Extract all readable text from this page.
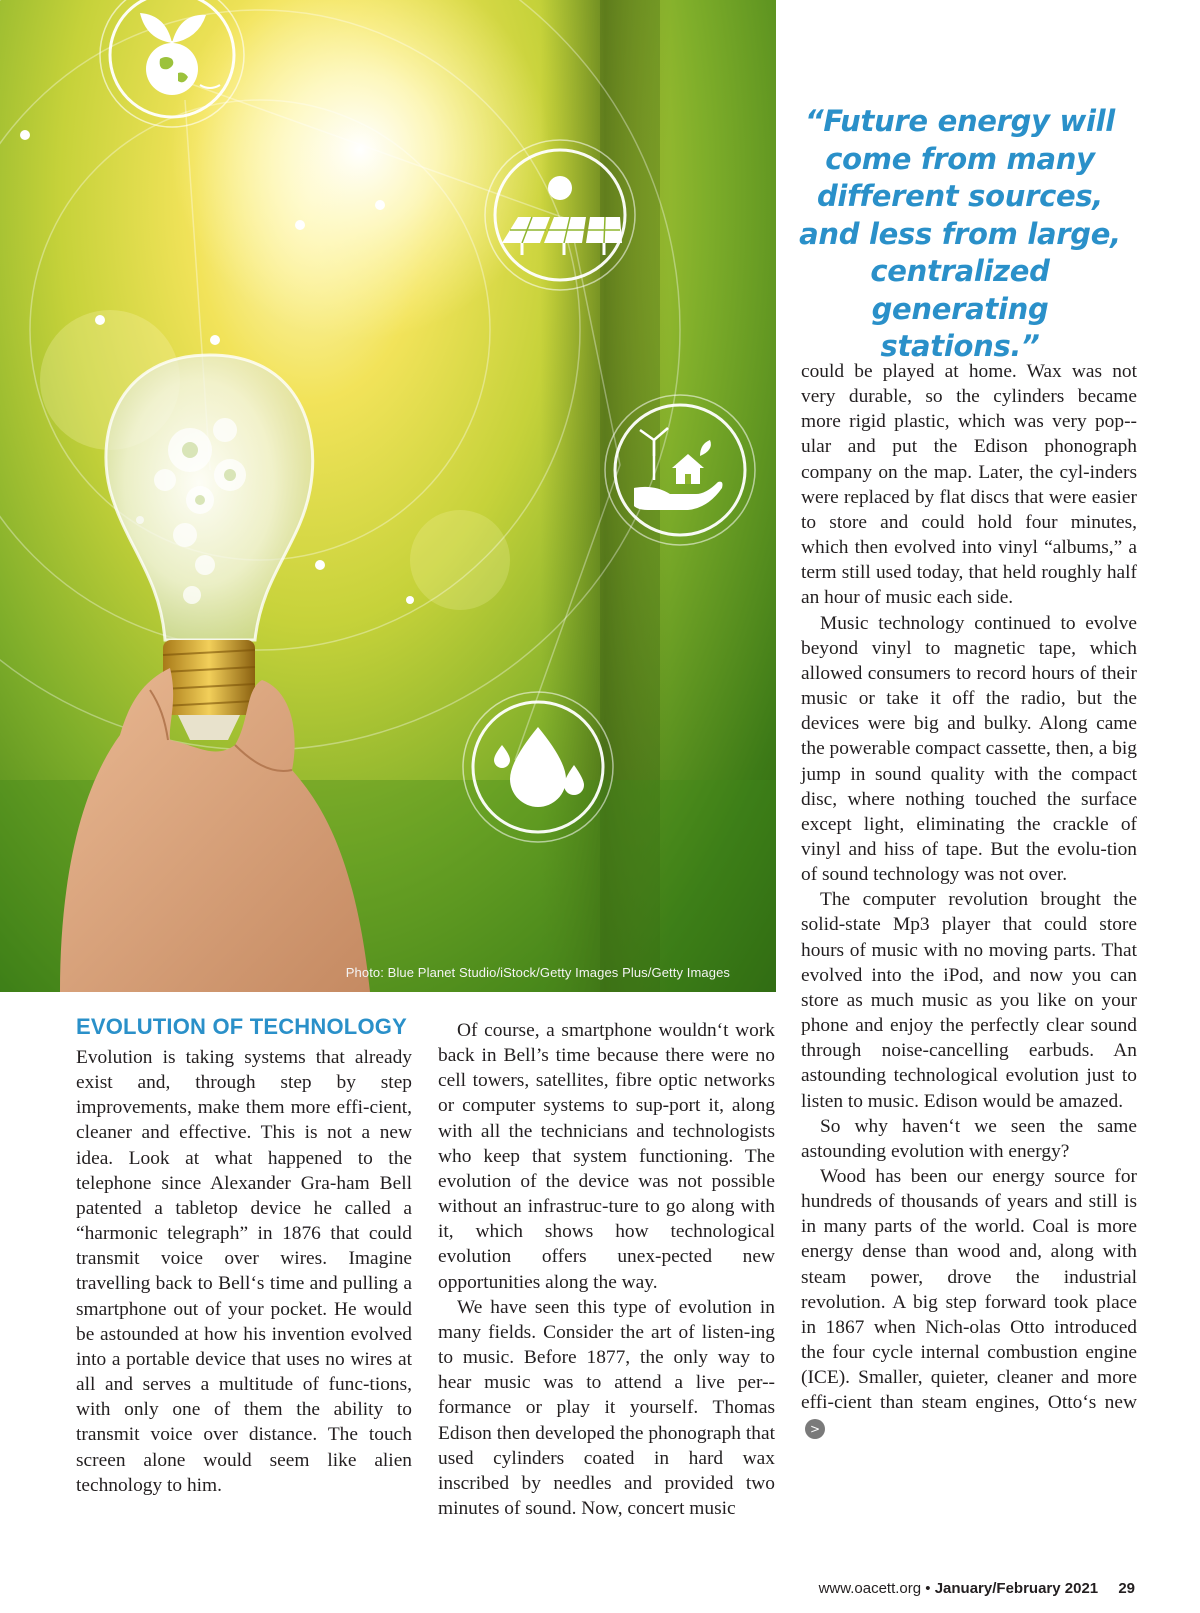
Photo: Blue Planet Studio/iStock/Getty Images Plus/Getty Images
“Future energy will come from many different sources, and less from large, centralized generating stations.”
EVOLUTION OF TECHNOLOGY

Evolution is taking systems that already exist and, through step by step improvements, make them more effi-cient, cleaner and effective. This is not a new idea. Look at what happened to the telephone since Alexander Gra-ham Bell patented a tabletop device he called a “harmonic telegraph” in 1876 that could transmit voice over wires. Imagine travelling back to Bell‘s time and pulling a smartphone out of your pocket. He would be astounded at how his invention evolved into a portable device that uses no wires at all and serves a multitude of func-tions, with only one of them the ability to transmit voice over distance. The touch screen alone would seem like alien technology to him.

Of course, a smartphone wouldn‘t work back in Bell’s time because there were no cell towers, satellites, fibre optic networks or computer systems to sup-port it, along with all the technicians and technologists who keep that system functioning. The evolution of the device was not possible without an infrastruc-ture to go along with it, which shows how technological evolution offers unex-pected new opportunities along the way.

We have seen this type of evolution in many fields. Consider the art of listen-ing to music. Before 1877, the only way to hear music was to attend a live per-formance or play it yourself. Thomas Edison then developed the phonograph that used cylinders coated in hard wax inscribed by needles and provided two minutes of sound. Now, concert music

could be played at home. Wax was not very durable, so the cylinders became more rigid plastic, which was very pop-ular and put the Edison phonograph company on the map. Later, the cyl-inders were replaced by flat discs that were easier to store and could hold four minutes, which then evolved into vinyl “albums,” a term still used today, that held roughly half an hour of music each side.

Music technology continued to evolve beyond vinyl to magnetic tape, which allowed consumers to record hours of their music or take it off the radio, but the devices were big and bulky. Along came the powerable compact cassette, then, a big jump in sound quality with the compact disc, where nothing touched the surface except light, eliminating the crackle of vinyl and hiss of tape. But the evolu-tion of sound technology was not over.

The computer revolution brought the solid-state Mp3 player that could store hours of music with no moving parts. That evolved into the iPod, and now you can store as much music as you like on your phone and enjoy the perfectly clear sound through noise-cancelling earbuds. An astounding technological evolution just to listen to music. Edison would be amazed.

So why haven‘t we seen the same astounding evolution with energy?

Wood has been our energy source for hundreds of thousands of years and still is in many parts of the world. Coal is more energy dense than wood and, along with steam power, drove the industrial revolution. A big step forward took place in 1867 when Nich-olas Otto introduced the four cycle internal combustion engine (ICE). Smaller, quieter, cleaner and more effi-cient than steam engines, Otto‘s new>

www.oacett.org • January/February 2021 29
